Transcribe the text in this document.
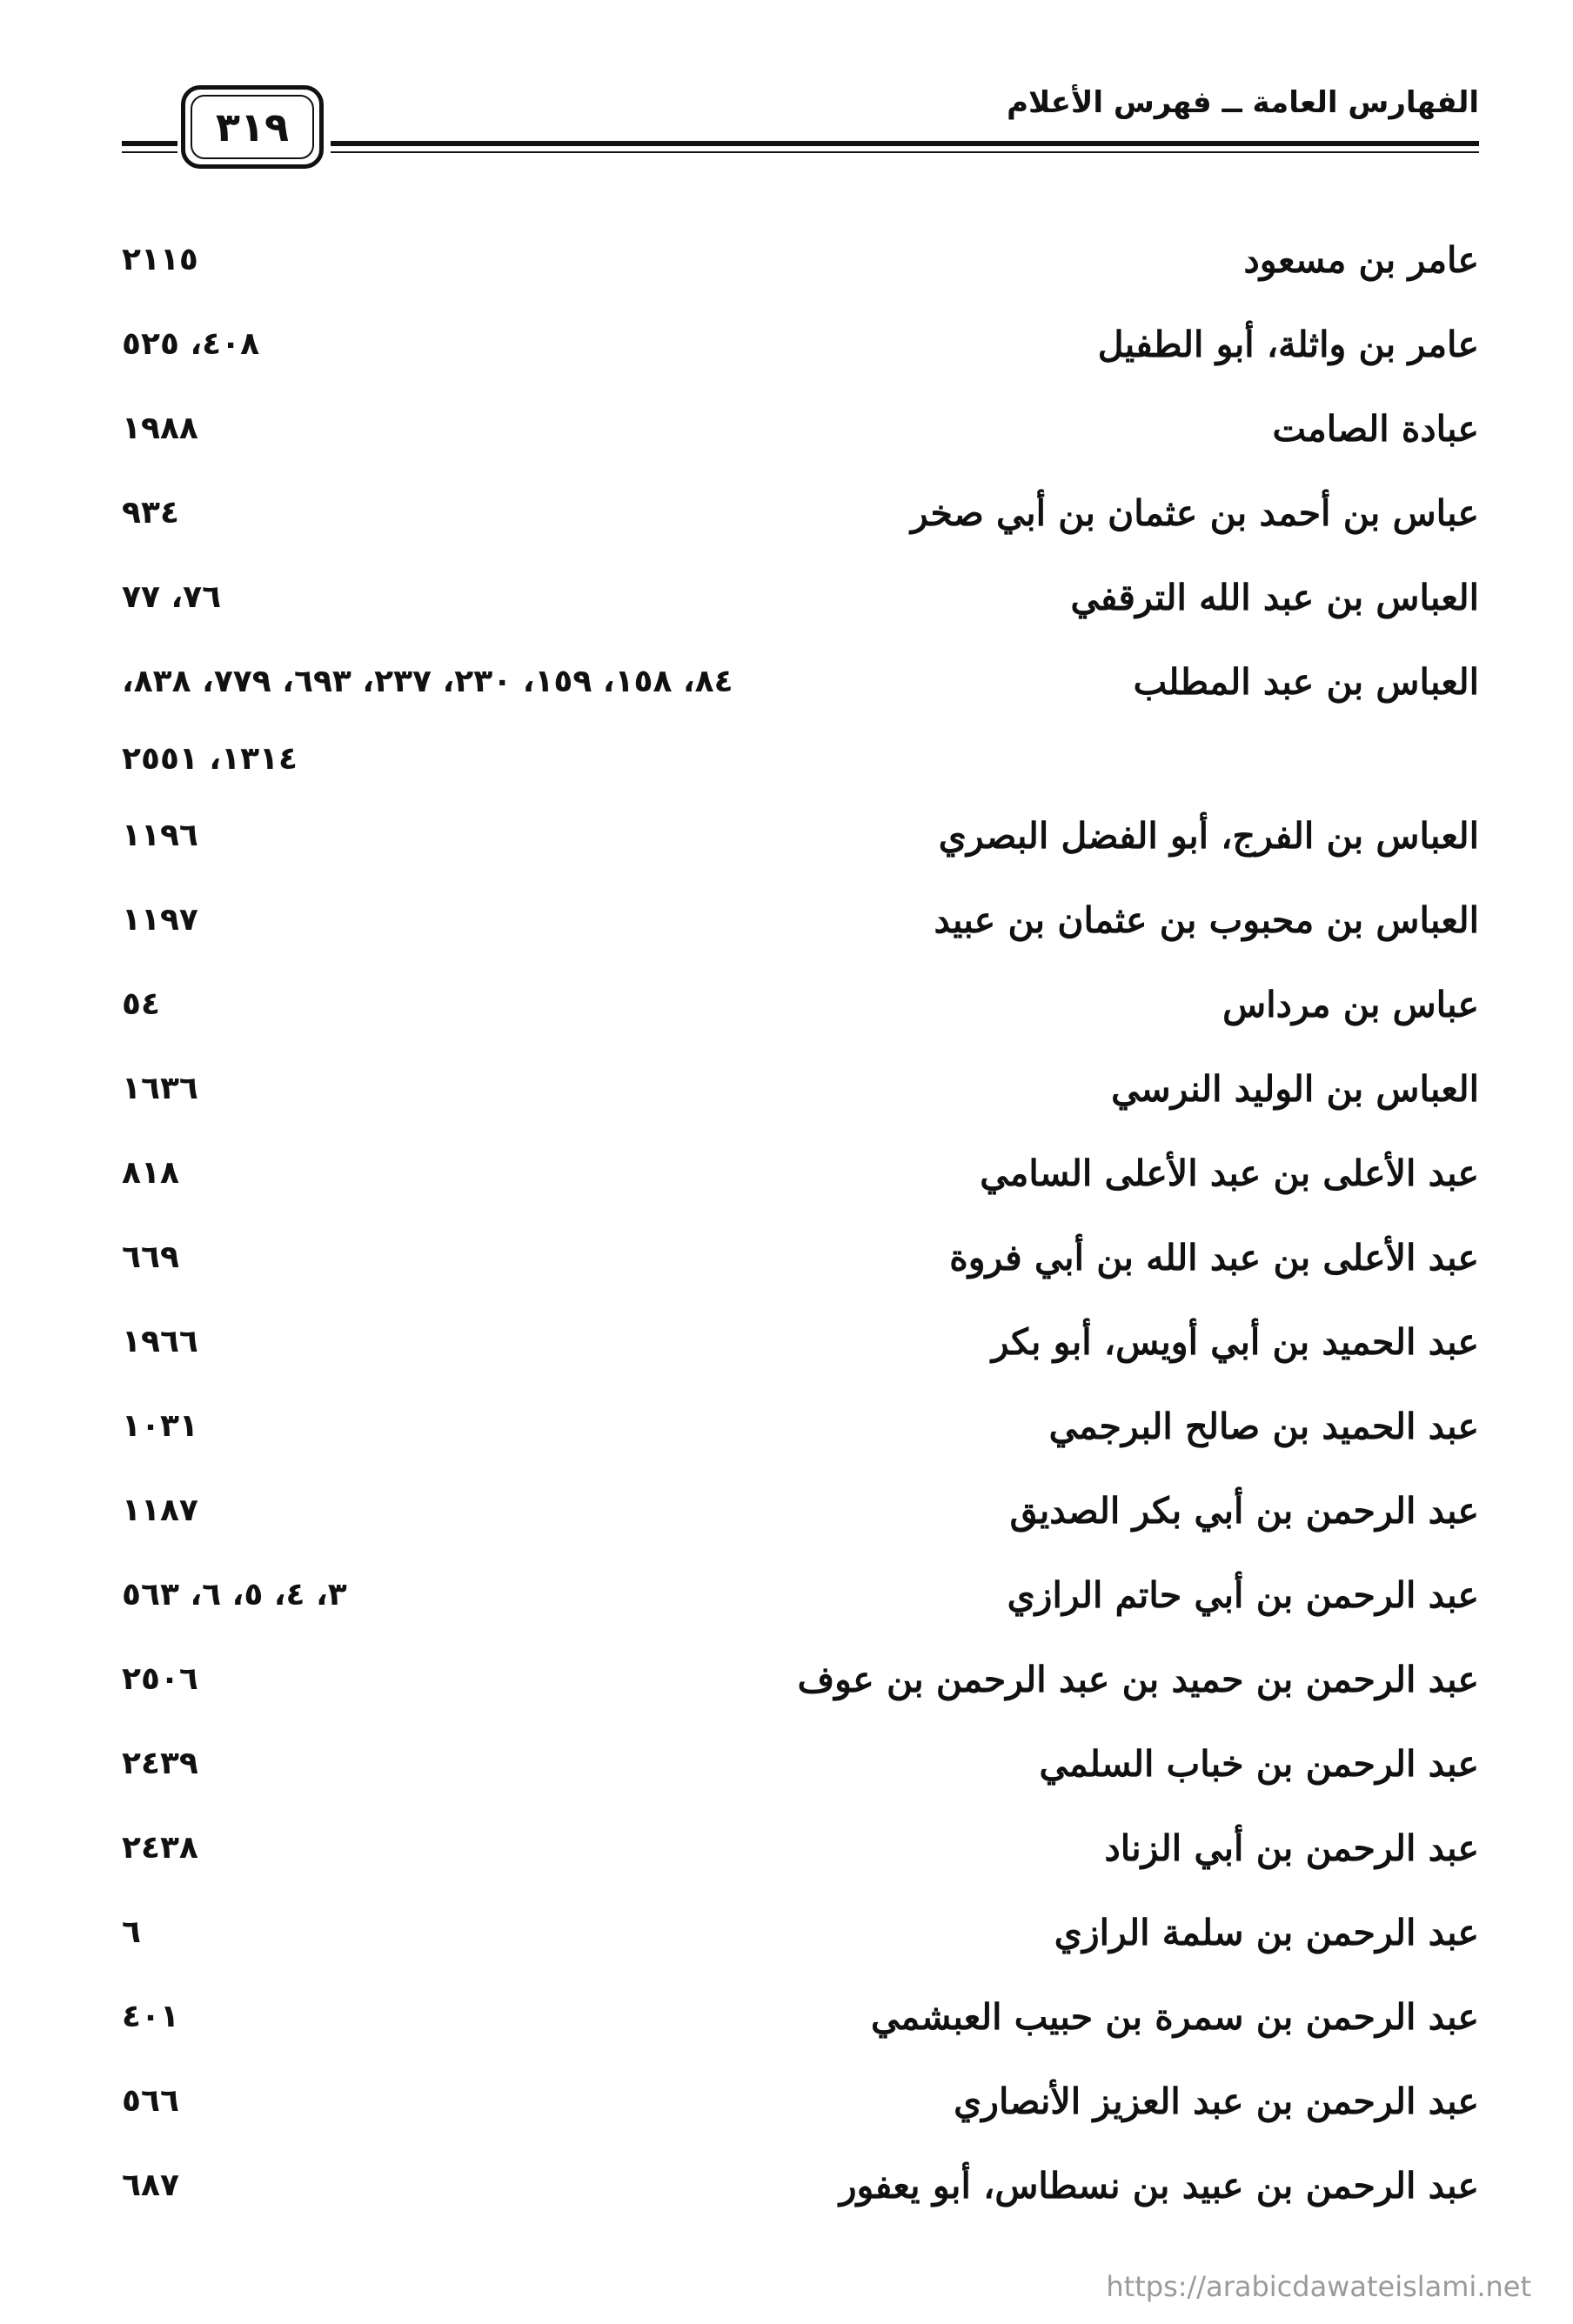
الفهارس العامة ــ فهرس الأعلام
٣١٩
عامر بن مسعود
٢١١٥
عامر بن واثلة، أبو الطفيل
٤٠٨، ٥٢٥
عبادة الصامت
١٩٨٨
عباس بن أحمد بن عثمان بن أبي صخر
٩٣٤
العباس بن عبد الله الترقفي
٧٦، ٧٧
العباس بن عبد المطلب
٨٤، ١٥٨، ١٥٩، ٢٣٠، ٢٣٧، ٦٩٣، ٧٧٩، ٨٣٨،
١٣١٤، ٢٥٥١
العباس بن الفرج، أبو الفضل البصري
١١٩٦
العباس بن محبوب بن عثمان بن عبيد
١١٩٧
عباس بن مرداس
٥٤
العباس بن الوليد النرسي
١٦٣٦
عبد الأعلى بن عبد الأعلى السامي
٨١٨
عبد الأعلى بن عبد الله بن أبي فروة
٦٦٩
عبد الحميد بن أبي أويس، أبو بكر
١٩٦٦
عبد الحميد بن صالح البرجمي
١٠٣١
عبد الرحمن بن أبي بكر الصديق
١١٨٧
عبد الرحمن بن أبي حاتم الرازي
٣، ٤، ٥، ٦، ٥٦٣
عبد الرحمن بن حميد بن عبد الرحمن بن عوف
٢٥٠٦
عبد الرحمن بن خباب السلمي
٢٤٣٩
عبد الرحمن بن أبي الزناد
٢٤٣٨
عبد الرحمن بن سلمة الرازي
٦
عبد الرحمن بن سمرة بن حبيب العبشمي
٤٠١
عبد الرحمن بن عبد العزيز الأنصاري
٥٦٦
عبد الرحمن بن عبيد بن نسطاس، أبو يعفور
٦٨٧
https://arabicdawateislami.net
